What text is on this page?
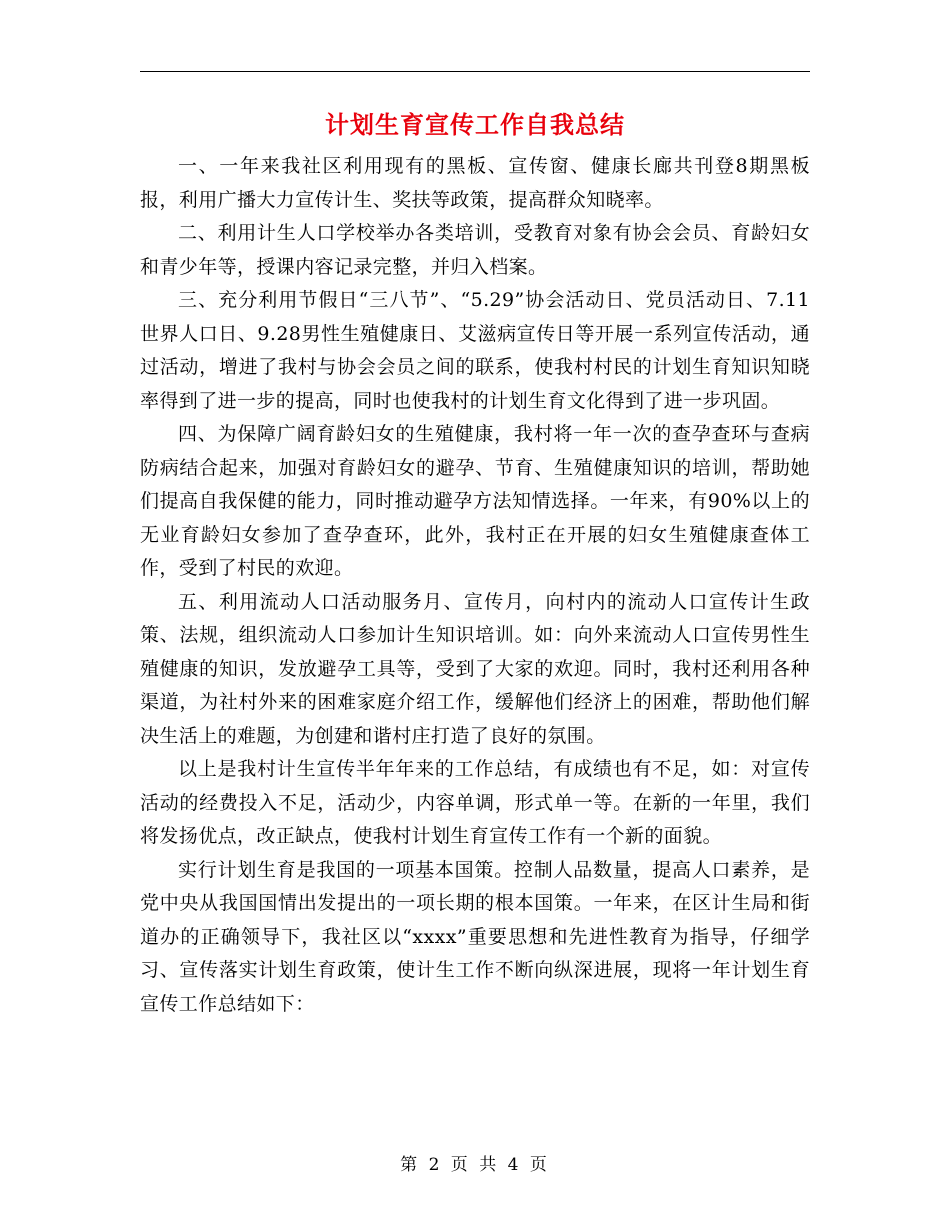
计划生育宣传工作自我总结

一、一年来我社区利用现有的黑板、宣传窗、健康长廊共刊登8期黑板报，利用广播大力宣传计生、奖扶等政策，提高群众知晓率。

二、利用计生人口学校举办各类培训，受教育对象有协会会员、育龄妇女和青少年等，授课内容记录完整，并归入档案。

三、充分利用节假日“三八节”、“5.29”协会活动日、党员活动日、7.11世界人口日、9.28男性生殖健康日、艾滋病宣传日等开展一系列宣传活动，通过活动，增进了我村与协会会员之间的联系，使我村村民的计划生育知识知晓率得到了进一步的提高，同时也使我村的计划生育文化得到了进一步巩固。

四、为保障广阔育龄妇女的生殖健康，我村将一年一次的查孕查环与查病防病结合起来，加强对育龄妇女的避孕、节育、生殖健康知识的培训，帮助她们提高自我保健的能力，同时推动避孕方法知情选择。一年来，有90%以上的无业育龄妇女参加了查孕查环，此外，我村正在开展的妇女生殖健康查体工作，受到了村民的欢迎。

五、利用流动人口活动服务月、宣传月，向村内的流动人口宣传计生政策、法规，组织流动人口参加计生知识培训。如：向外来流动人口宣传男性生殖健康的知识，发放避孕工具等，受到了大家的欢迎。同时，我村还利用各种渠道，为社村外来的困难家庭介绍工作，缓解他们经济上的困难，帮助他们解决生活上的难题，为创建和谐村庄打造了良好的氛围。

以上是我村计生宣传半年年来的工作总结，有成绩也有不足，如：对宣传活动的经费投入不足，活动少，内容单调，形式单一等。在新的一年里，我们将发扬优点，改正缺点，使我村计划生育宣传工作有一个新的面貌。

实行计划生育是我国的一项基本国策。控制人品数量，提高人口素养，是党中央从我国国情出发提出的一项长期的根本国策。一年来，在区计生局和街道办的正确领导下，我社区以“xxxx”重要思想和先进性教育为指导，仔细学习、宣传落实计划生育政策，使计生工作不断向纵深进展，现将一年计划生育宣传工作总结如下：

第 2 页 共 4 页
